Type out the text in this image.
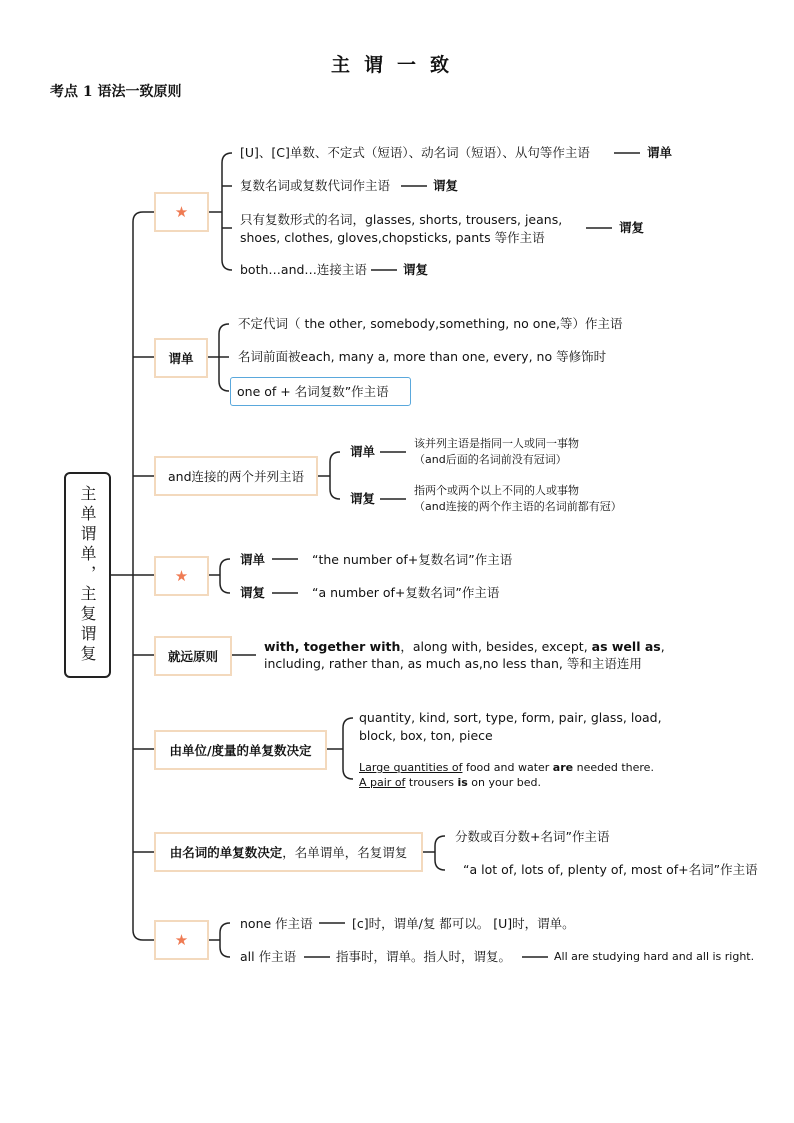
主谓一致
考点 1 语法一致原则
主单谓单，主复谓复
★
[U]、[C]单数、不定式（短语）、动名词（短语）、从句等作主语	谓单
复数名词或复数代词作主语	谓复
只有复数形式的名词，glasses, shorts, trousers, jeans,
shoes, clothes, gloves,chopsticks, pants 等作主语
谓复
both…and…连接主语	谓复
谓单
不定代词（ the other, somebody,something, no one,等）作主语
名词前面被each, many a, more than one, every, no 等修饰时
one of + 名词复数”作主语
and连接的两个并列主语
谓单
该并列主语是指同一人或同一事物
（and后面的名词前没有冠词）
谓复
指两个或两个以上不同的人或事物
（and连接的两个作主语的名词前都有冠）
★
谓单	“the number of+复数名词”作主语
谓复	“a number of+复数名词”作主语
就远原则
with, together with，along with, besides, except, as well as,
including, rather than, as much as,no less than, 等和主语连用
由单位/度量的单复数决定
quantity, kind, sort, type, form, pair, glass, load,
block, box, ton, piece
Large quantities of food and water are needed there.
A pair of trousers is on your bed.
由名词的单复数决定 ，名单谓单，名复谓复
分数或百分数+名词”作主语
“a lot of, lots of, plenty of, most of+名词”作主语
★
none 作主语	[c]时，谓单/复 都可以。 [U]时，谓单。
all 作主语	指事时，谓单。指人时，谓复。	All are studying hard and all is right.
